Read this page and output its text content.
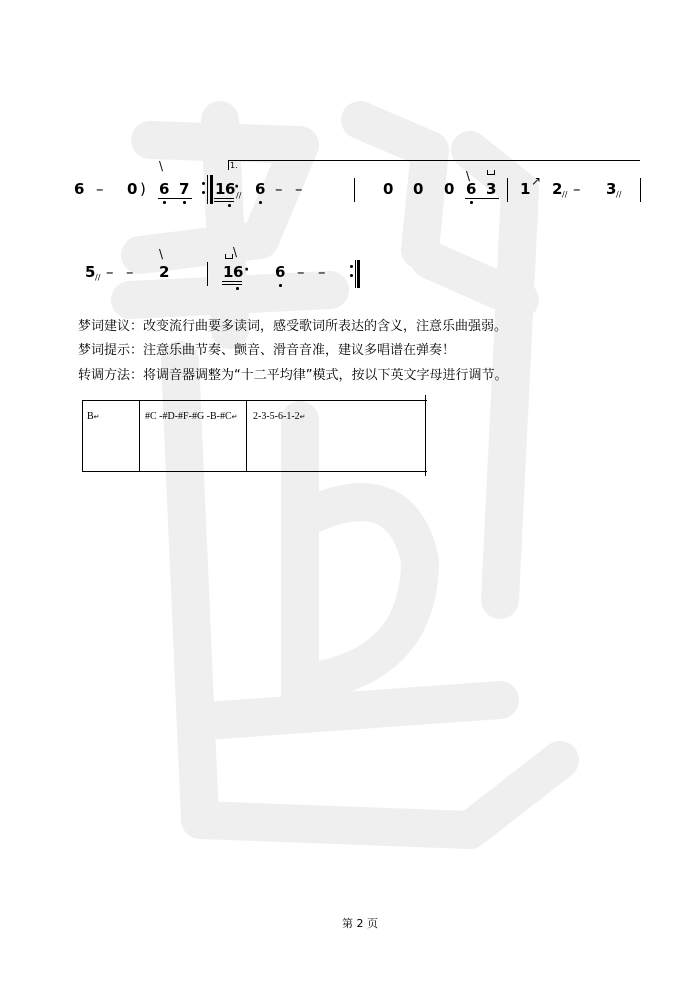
6 – 0 )
\
6 7
1.
1 6
·
// 6 – –	0 0 0
\
6 3 1 ↗ 2 // – 3 //
5 // – –
\
2
\
1 6 · 6 – –
梦词建议：改变流行曲要多读词，感受歌词所表达的含义，注意乐曲强弱。
梦词提示：注意乐曲节奏、颤音、滑音音准，建议多唱谱在弹奏！
转调方法：将调音器调整为“十二平均律”模式，按以下英文字母进行调节。
B↵	#C -#D-#F-#G -B-#C↵ 2-3-5-6-1-2↵
第 2 页
